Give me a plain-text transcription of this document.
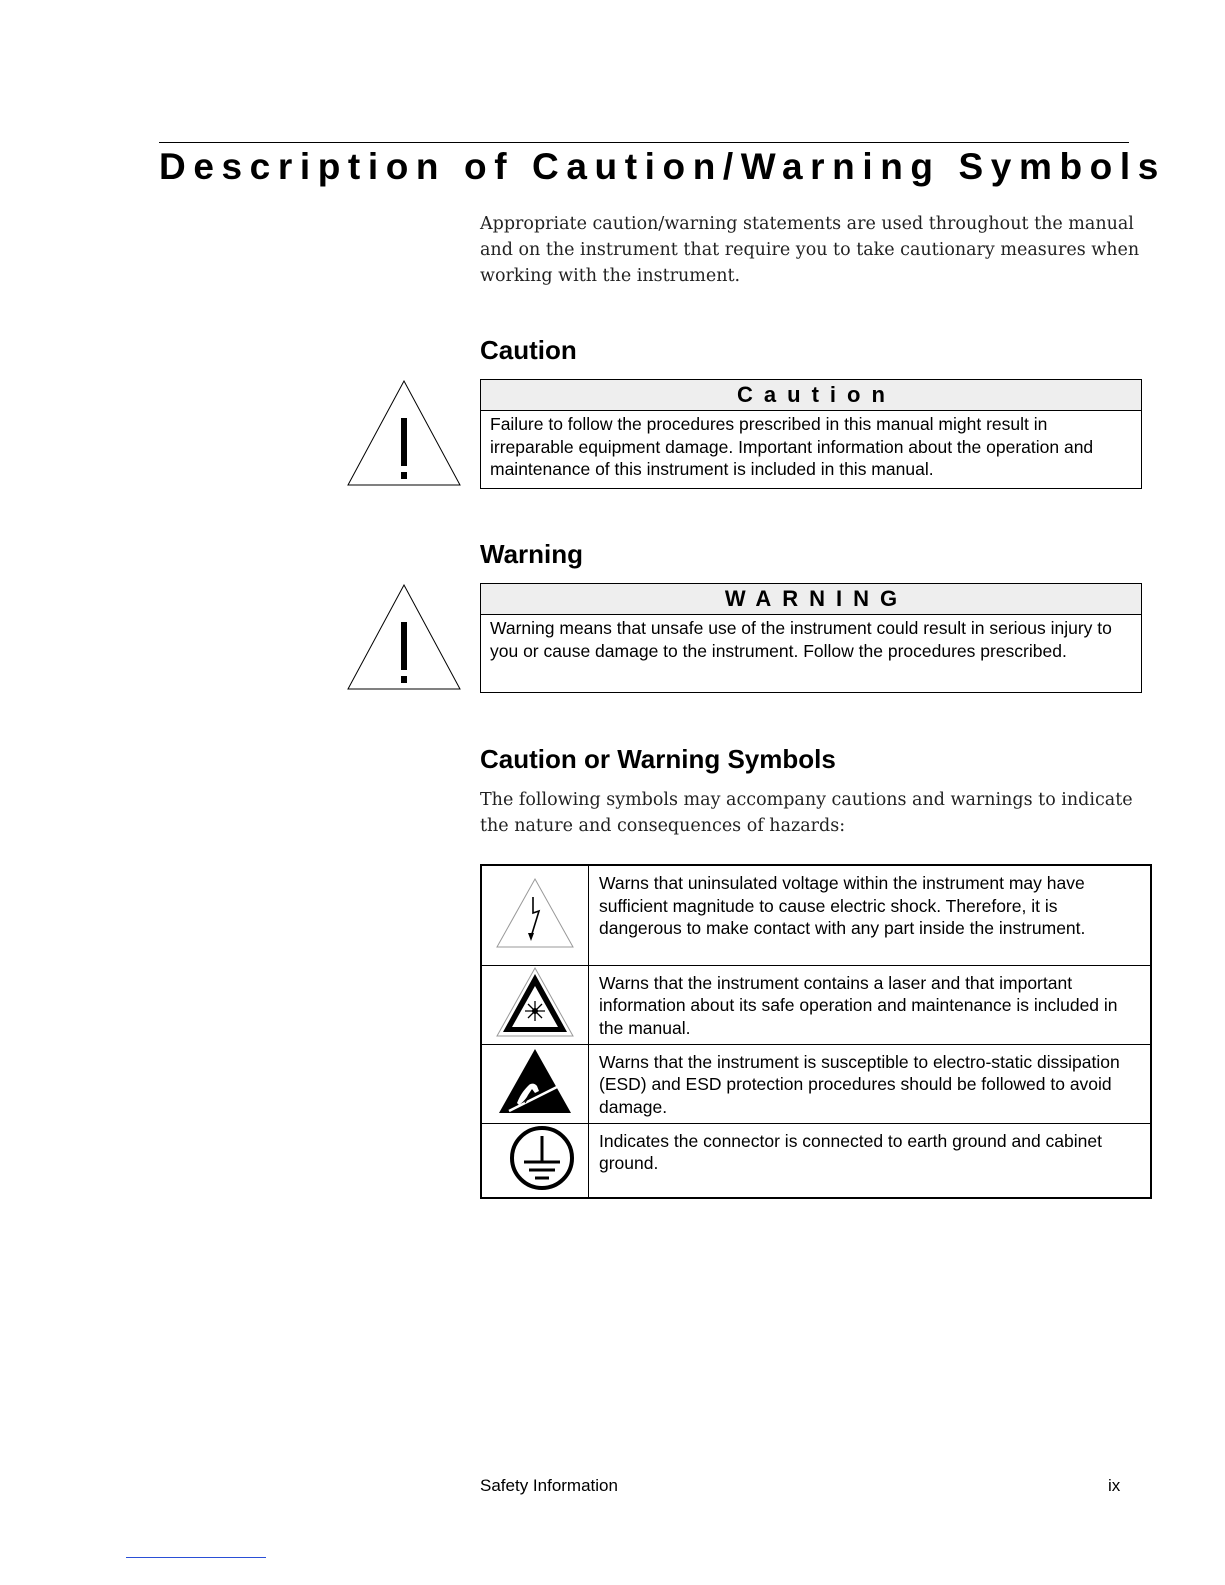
Description of Caution/Warning Symbols

Appropriate caution/warning statements are used throughout the manual and on the instrument that require you to take cautionary measures when working with the instrument.

Caution
Caution
Failure to follow the procedures prescribed in this manual might result in irreparable equipment damage. Important information about the operation and maintenance of this instrument is included in this manual.
Warning
WARNING
Warning means that unsafe use of the instrument could result in serious injury to you or cause damage to the instrument. Follow the procedures prescribed.
Caution or Warning Symbols

The following symbols may accompany cautions and warnings to indicate the nature and consequences of hazards:

	Warns that uninsulated voltage within the instrument may have sufficient magnitude to cause electric shock. Therefore, it is dangerous to make contact with any part inside the instrument.

	Warns that the instrument contains a laser and that important information about its safe operation and maintenance is included in the manual.

	Warns that the instrument is susceptible to electro-static dissipation (ESD) and ESD protection procedures should be followed to avoid damage.

	Indicates the connector is connected to earth ground and cabinet ground.
Safety Information	ix
